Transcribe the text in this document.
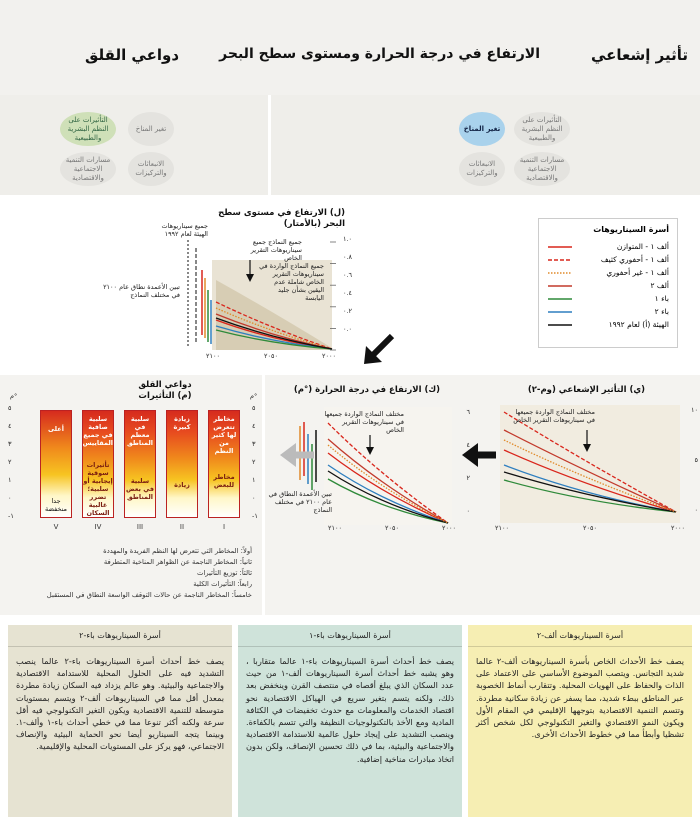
تأثير إشعاعي
الارتفاع في درجة الحرارة ومستوى سطح البحر
دواعي القلق
تغير المناخ
التأثيرات على النظم البشرية والطبيعية
مسارات التنمية الاجتماعية والاقتصادية
الانبعاثات والتركيزات
تغير المناخ
التأثيرات على النظم البشرية والطبيعية
مسارات التنمية الاجتماعية والاقتصادية
الانبعاثات والتركيزات
أسرة السيناريوهات
ألف ١ - المتوازن
ألف ١ - أحفوري كثيف
ألف ١ - غير أحفوري
ألف ٢
باء ١
باء ٢
الهيئة (أ) لعام ١٩٩٢
(ل) الارتفاع في مستوى سطح البحر (بالأمتار)
جميع سيناريوهات الهيئة لعام ١٩٩٢
تبين الأعمدة نطاق عام ٢١٠٠ في مختلف النماذج
جميع النماذج جميع سيناريوهات التقرير الخاص
جميع النماذج الواردة في سيناريوهات التقرير الخاص شاملة عدم اليقين بشأن جليد اليابسة
١.٠
٠.٨
٠.٦
٠.٤
٠.٢
٠.٠
٢١٠٠	٢٠٥٠	٢٠٠٠
(ي) التأثير الإشعاعي (وم-٢)
مختلف النماذج الواردة جميعها في سيناريوهات التقرير الخاص
١٠
٥
٠
٢١٠٠	٢٠٥٠	٢٠٠٠
(ك) الارتفاع في درجة الحرارة (°م)
مختلف النماذج الواردة جميعها في سيناريوهات التقرير الخاص
تبين الأعمدة النطاق في عام ٢١٠٠ في مختلف النماذج
٦
٤
٢
٠
٢١٠٠	٢٠٥٠	٢٠٠٠
دواعي القلق (م) التأثيرات	°م
°م
٥
٤
٣
٢
١
٠
-١
٥
٤
٣
٢
١
٠
-١
مخاطر تتعرض لها كثير من النظم
مخاطر للبعض
زيادة كبيرة
زيادة
سلبية في معظم المناطق
سلبية في بعض المناطق
سلبية صافية في جميع المقاييس
تأثيرات سوقية إيجابية أو سلبية؛ تضرر غالبية السكان
أعلى
جدا منخفضة
I
II
III
IV
V
أولاً: المخاطر التي تتعرض لها النظم الفريدة والمهددة
ثانياً: المخاطر الناجمة عن الظواهر المناخية المتطرفة
ثالثاً: توزيع التأثيرات
رابعاً: التأثيرات الكلية
خامساً: المخاطر الناجمة عن حالات التوقف الواسعة النطاق في المستقبل
أسرة السيناريوهات ألف-٢
يصف خط الأحداث الخاص بأسرة السيناريوهات ألف-٢ عالما شديد التجانس. ويتصب الموضوع الأساسي على الاعتماد على الذات والحفاظ على الهويات المحلية. وتتقارب أنماط الخصوبة عبر المناطق ببطء شديد، مما يسفر عن زيادة سكانية مطردة. وتتسم التنمية الاقتصادية بتوجهها الإقليمي في المقام الأول ويكون النمو الاقتصادي والتغير التكنولوجي لكل شخص أكثر تشظيا وأبطأ مما في خطوط الأحداث الأخرى.
أسرة السيناريوهات باء-١
يصف خط أحداث أسرة السيناريوهات باء-١ عالما متقاربا ، وهو يشبه خط أحداث أسرة السيناريوهات ألف-١ من حيث عدد السكان الذي يبلغ أقصاه في منتصف القرن وينخفض بعد ذلك، ولكنه يتسم بتغير سريع في الهياكل الاقتصادية نحو اقتصاد الخدمات والمعلومات مع حدوث تخفيضات في الكثافة المادية ومع الأخذ بالتكنولوجيات النظيفة والتي تتسم بالكفاءة. وينصب التشديد على إيجاد حلول عالمية للاستدامة الاقتصادية والاجتماعية والبيئية، بما في ذلك تحسين الإنصاف، ولكن بدون اتخاذ مبادرات مناخية إضافية.
أسرة السيناريوهات باء-٢
يصف خط أحداث أسرة السيناريوهات باء-٢ عالما ينصب التشديد فيه على الحلول المحلية للاستدامة الاقتصادية والاجتماعية والبيئية. وهو عالم يزداد فيه السكان زيادة مطردة بمعدل أقل مما في السيناريوهات ألف-٢ ويتسم بمستويات متوسطة للتنمية الاقتصادية ويكون التغير التكنولوجي فيه أقل سرعة ولكنه أكثر تنوعا مما في خطي أحداث باء-١ وألف-١. وبينما يتجه السيناريو أيضا نحو الحماية البيئية والإنصاف الاجتماعي، فهو يركز على المستويات المحلية والإقليمية.
